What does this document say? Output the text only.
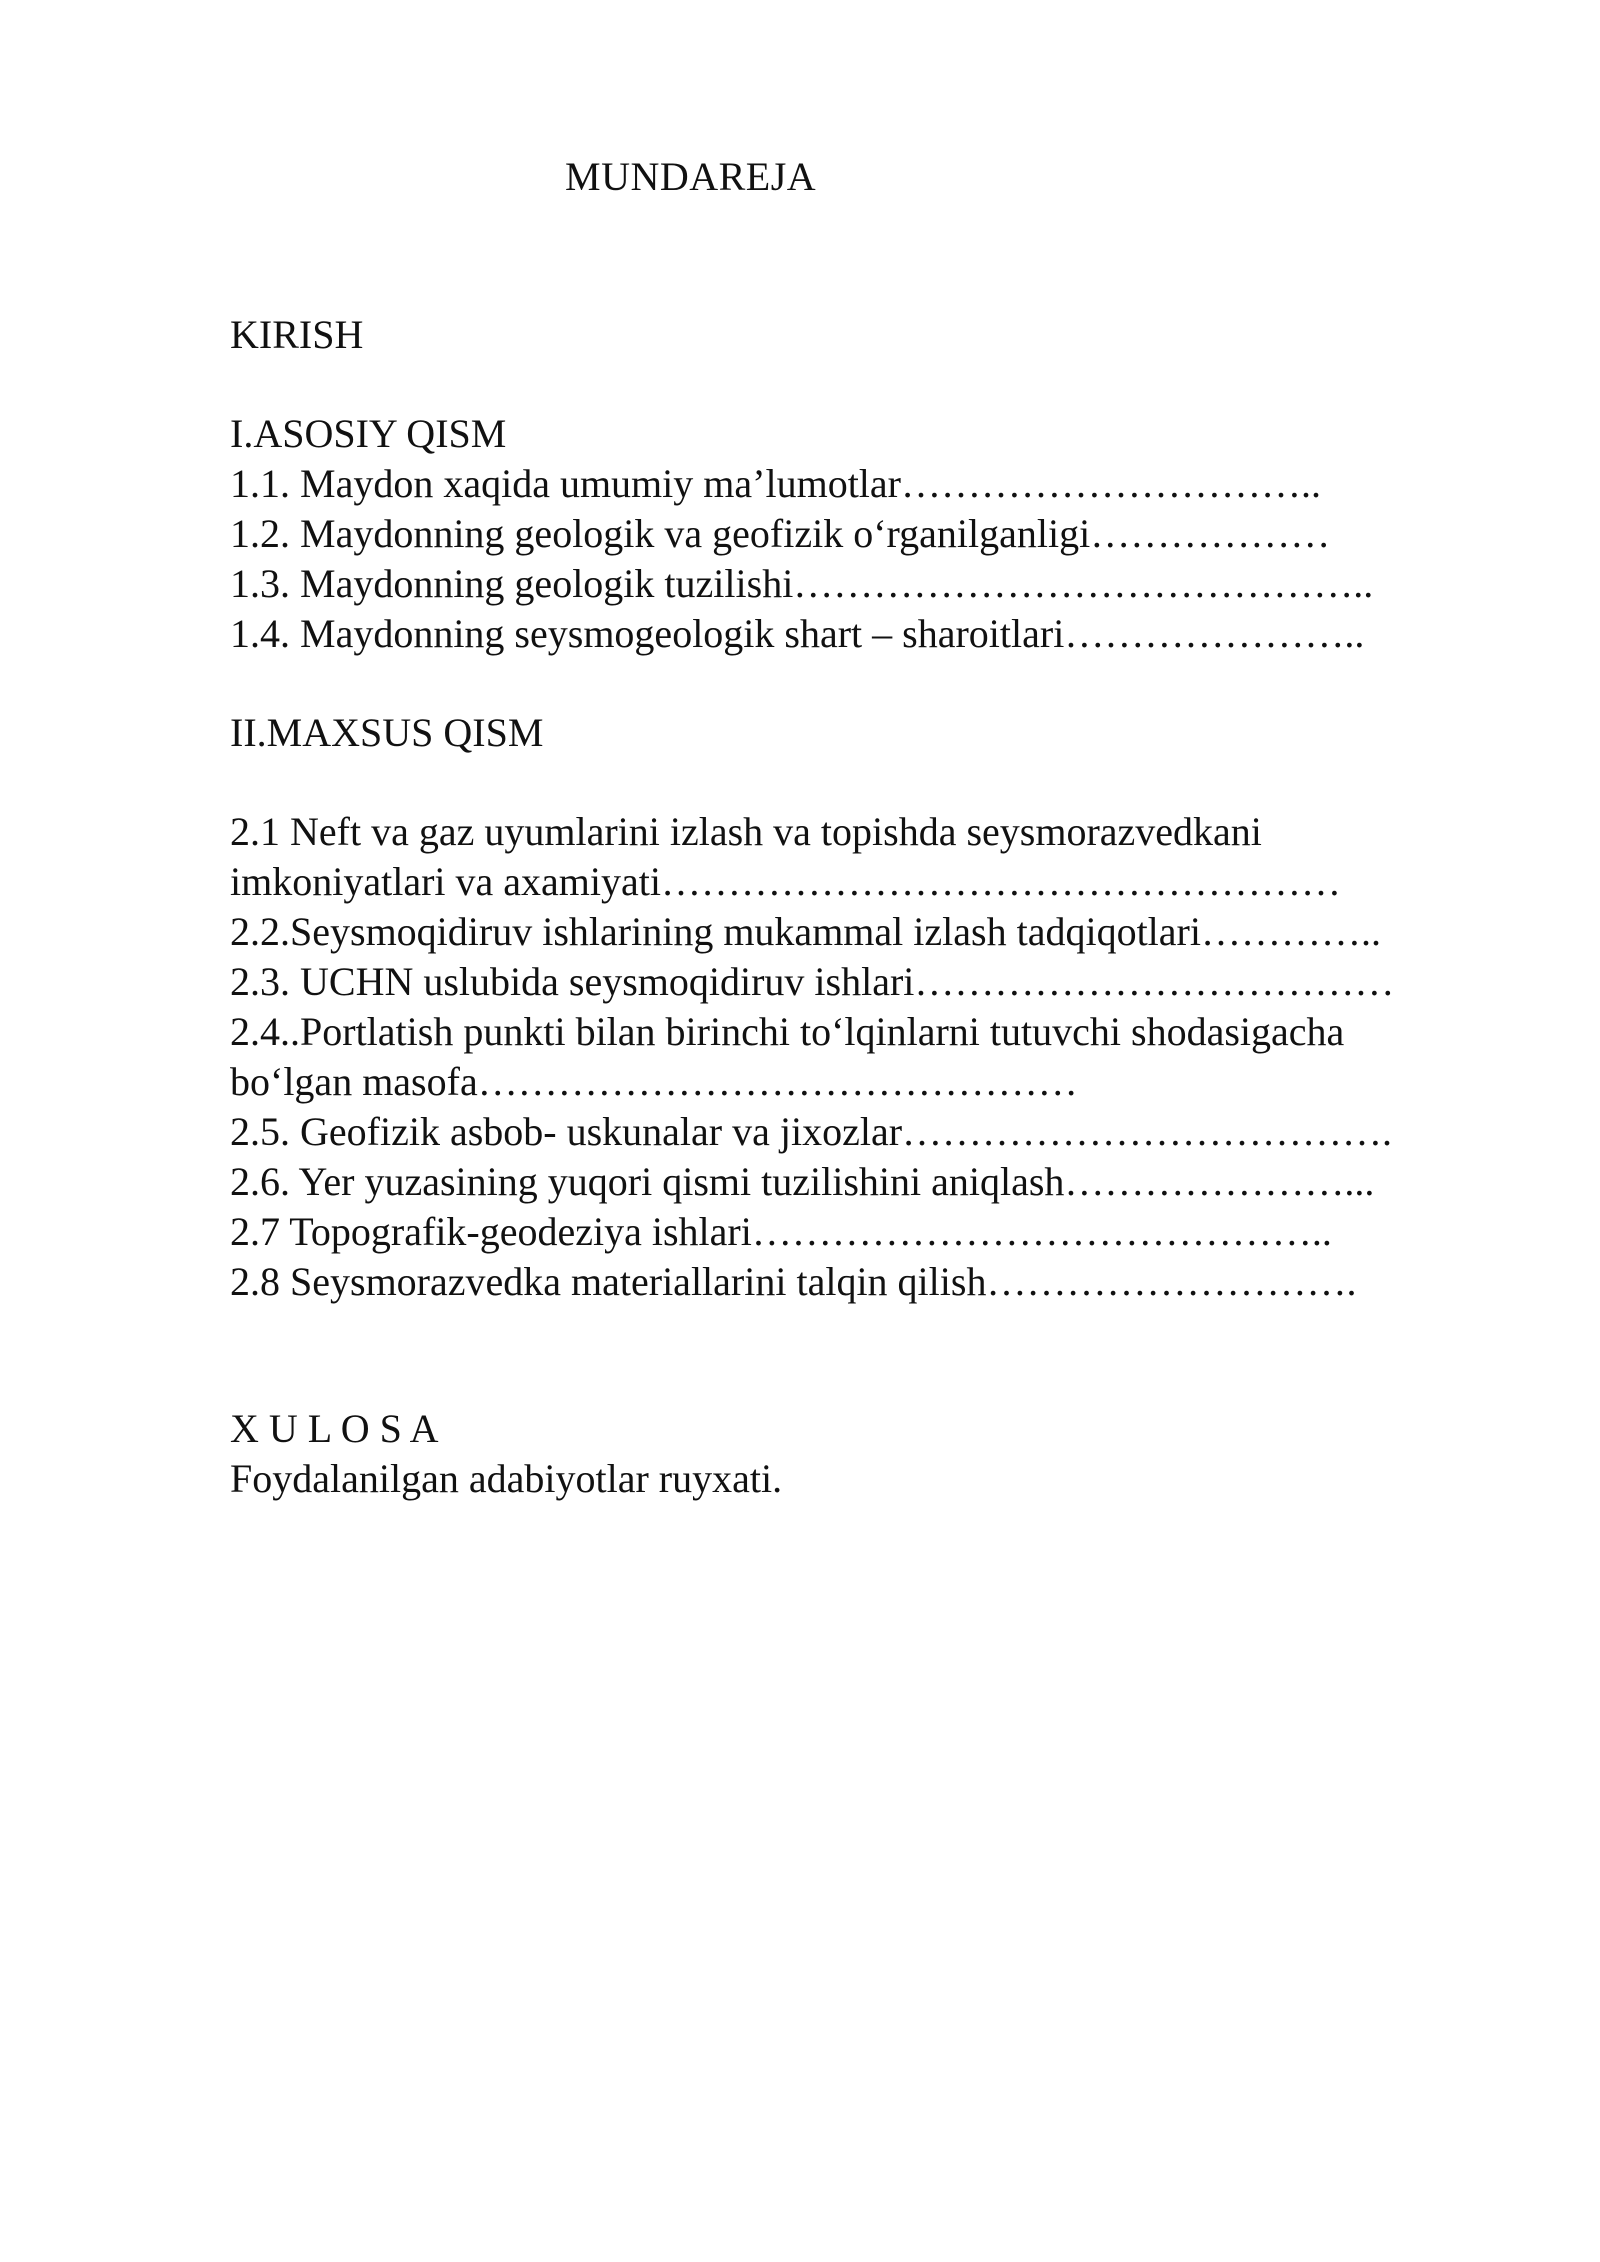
MUNDAREJA
KIRISH
I.ASOSIY QISM
1.1. Maydon xaqida umumiy ma’lumotlar…………………………..
1.2. Maydonning geologik va geofizik o‘rganilganligi………………
1.3. Maydonning geologik tuzilishi……………………………………..
1.4. Maydonning seysmogeologik shart – sharoitlari…………………..
II.MAXSUS QISM
2.1 Neft va gaz uyumlarini izlash va topishda seysmorazvedkani
imkoniyatlari va axamiyati……………………………………………
2.2.Seysmoqidiruv ishlarining mukammal izlash tadqiqotlari…………..
2.3. UCHN uslubida seysmoqidiruv ishlari………………………………
2.4..Portlatish punkti bilan birinchi to‘lqinlarni tutuvchi shodasigacha
bo‘lgan masofa………………………………………
2.5. Geofizik asbob- uskunalar va jixozlar……………………………….
2.6. Yer yuzasining yuqori qismi tuzilishini aniqlash…………………...
2.7 Topografik-geodeziya ishlari……………………………………..
2.8 Seysmorazvedka materiallarini talqin qilish……………………….
X U L O S A
Foydalanilgan adabiyotlar ruyxati.
